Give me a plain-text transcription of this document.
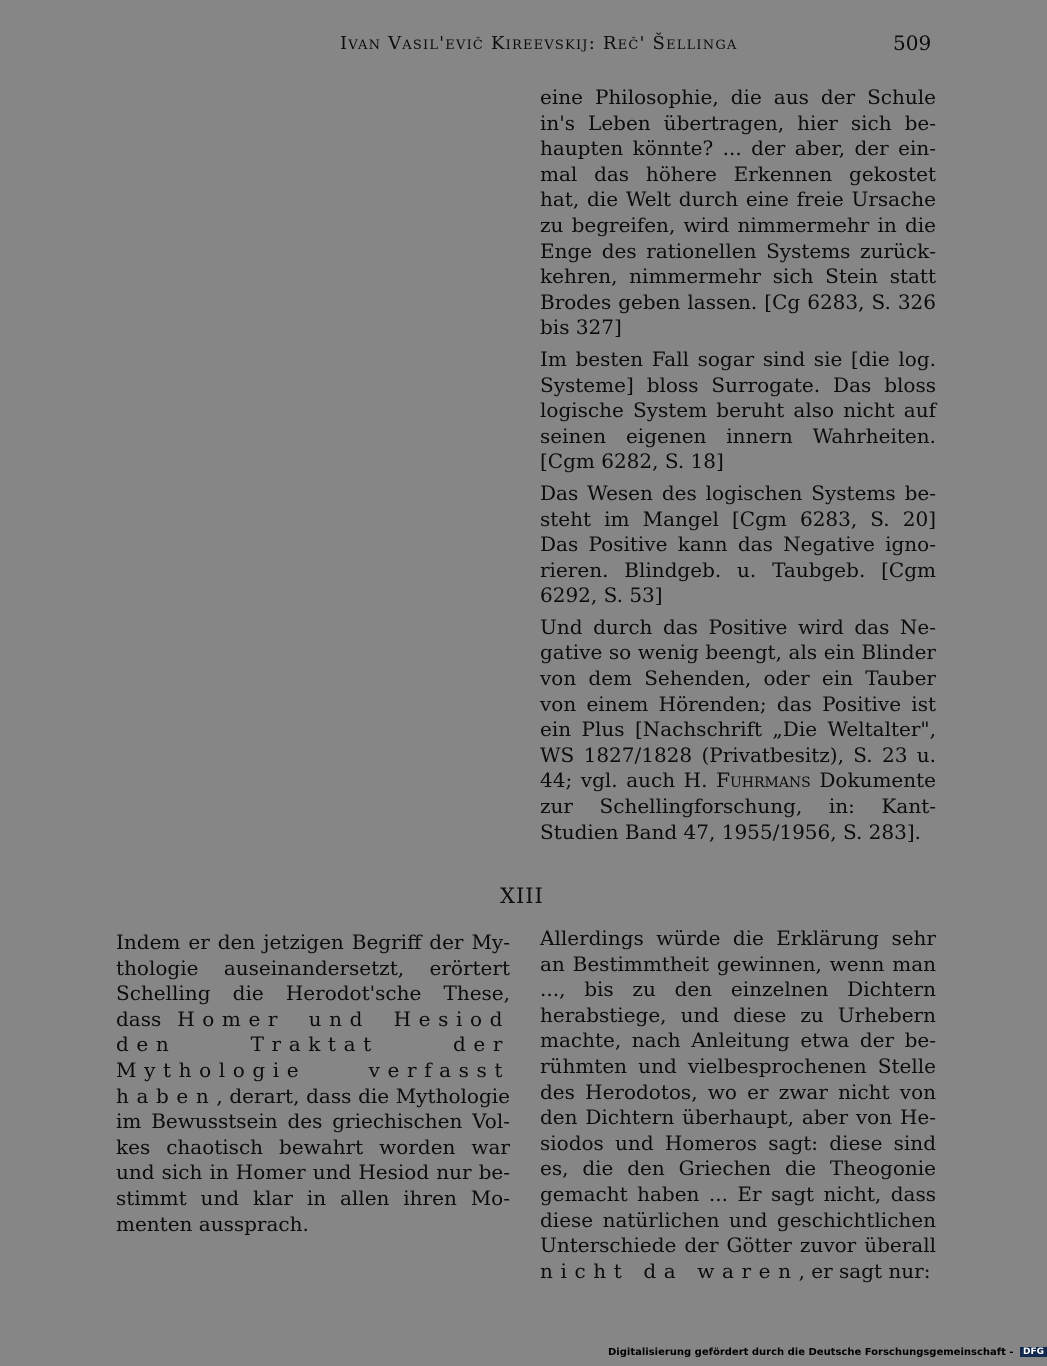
Ivan Vasil'evič Kireevskij: Reč' Šellinga	509

eine Philosophie, die aus der Schule in's Leben übertragen, hier sich behaupten könnte? ... der aber, der einmal das höhere Erkennen gekostet hat, die Welt durch eine freie Ursache zu begreifen, wird nimmermehr in die Enge des rationellen Systems zurückkehren, nimmermehr sich Stein statt Brodes geben lassen. [Cg 6283, S. 326 bis 327]

Im besten Fall sogar sind sie [die log. Systeme] bloss Surrogate. Das bloss logische System beruht also nicht auf seinen eigenen innern Wahrheiten. [Cgm 6282, S. 18]

Das Wesen des logischen Systems besteht im Mangel [Cgm 6283, S. 20] Das Positive kann das Negative ignorieren. Blindgeb. u. Taubgeb. [Cgm 6292, S. 53]

Und durch das Positive wird das Negative so wenig beengt, als ein Blinder von dem Sehenden, oder ein Tauber von einem Hörenden; das Positive ist ein Plus [Nachschrift „Die Weltalter", WS 1827/1828 (Privatbesitz), S. 23 u. 44; vgl. auch H. Fuhrmans Dokumente zur Schellingforschung, in: Kant-Studien Band 47, 1955/1956, S. 283].

XIII

Indem er den jetzigen Begriff der Mythologie auseinandersetzt, erörtert Schelling die Herodot'sche These, dass Homer und Hesiod den Traktat der Mythologie verfasst haben, derart, dass die Mythologie im Bewusstsein des griechischen Volkes chaotisch bewahrt worden war und sich in Homer und Hesiod nur bestimmt und klar in allen ihren Momenten aussprach.

Allerdings würde die Erklärung sehr an Bestimmtheit gewinnen, wenn man ..., bis zu den einzelnen Dichtern herabstiege, und diese zu Urhebern machte, nach Anleitung etwa der berühmten und vielbesprochenen Stelle des Herodotos, wo er zwar nicht von den Dichtern überhaupt, aber von Hesiodos und Homeros sagt: diese sind es, die den Griechen die Theogonie gemacht haben ... Er sagt nicht, dass diese natürlichen und geschichtlichen Unterschiede der Götter zuvor überall nicht da waren, er sagt nur:

Digitalisierung gefördert durch die Deutsche Forschungsgemeinschaft - DFG
